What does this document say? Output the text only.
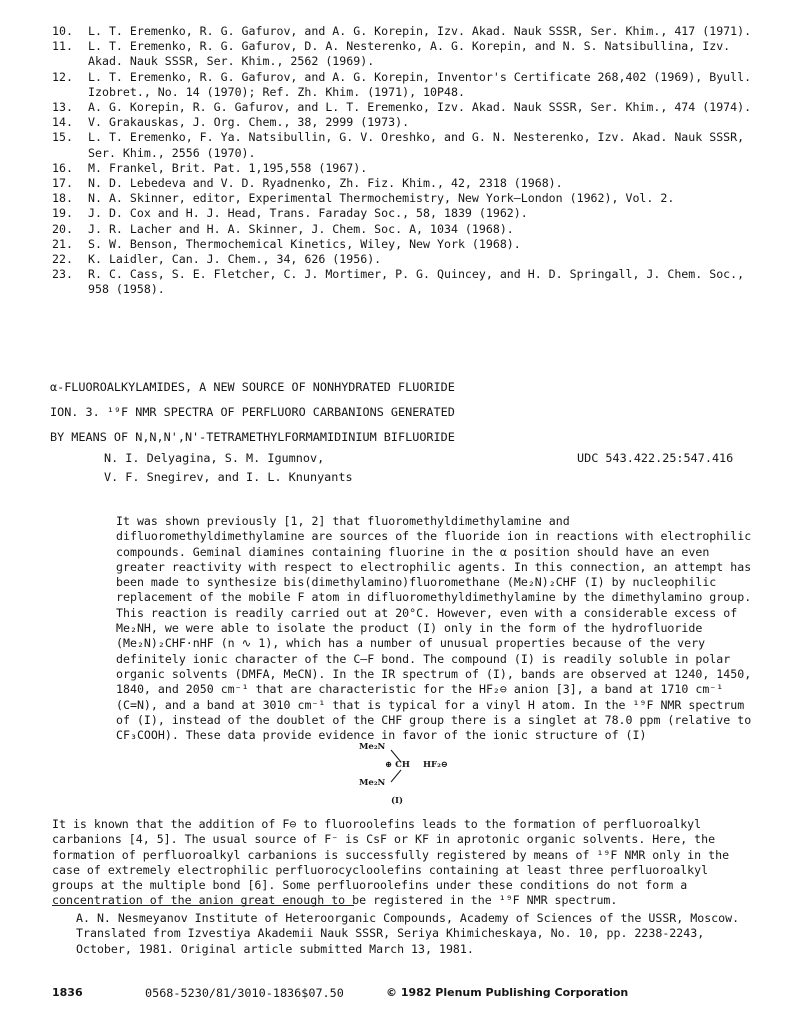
10.	L. T. Eremenko, R. G. Gafurov, and A. G. Korepin, Izv. Akad. Nauk SSSR, Ser. Khim., 417 (1971).
11.	L. T. Eremenko, R. G. Gafurov, D. A. Nesterenko, A. G. Korepin, and N. S. Natsibullina, Izv. Akad. Nauk SSSR, Ser. Khim., 2562 (1969).
12.	L. T. Eremenko, R. G. Gafurov, and A. G. Korepin, Inventor's Certificate 268,402 (1969), Byull. Izobret., No. 14 (1970); Ref. Zh. Khim. (1971), 10P48.
13.	A. G. Korepin, R. G. Gafurov, and L. T. Eremenko, Izv. Akad. Nauk SSSR, Ser. Khim., 474 (1974).
14.	V. Grakauskas, J. Org. Chem., 38, 2999 (1973).
15.	L. T. Eremenko, F. Ya. Natsibullin, G. V. Oreshko, and G. N. Nesterenko, Izv. Akad. Nauk SSSR, Ser. Khim., 2556 (1970).
16.	M. Frankel, Brit. Pat. 1,195,558 (1967).
17.	N. D. Lebedeva and V. D. Ryadnenko, Zh. Fiz. Khim., 42, 2318 (1968).
18.	N. A. Skinner, editor, Experimental Thermochemistry, New York—London (1962), Vol. 2.
19.	J. D. Cox and H. J. Head, Trans. Faraday Soc., 58, 1839 (1962).
20.	J. R. Lacher and H. A. Skinner, J. Chem. Soc. A, 1034 (1968).
21.	S. W. Benson, Thermochemical Kinetics, Wiley, New York (1968).
22.	K. Laidler, Can. J. Chem., 34, 626 (1956).
23.	R. C. Cass, S. E. Fletcher, C. J. Mortimer, P. G. Quincey, and H. D. Springall, J. Chem. Soc., 958 (1958).
α-FLUOROALKYLAMIDES, A NEW SOURCE OF NONHYDRATED FLUORIDE
ION. 3. ¹⁹F NMR SPECTRA OF PERFLUORO CARBANIONS GENERATED
BY MEANS OF N,N,N',N'-TETRAMETHYLFORMAMIDINIUM BIFLUORIDE
N. I. Delyagina, S. M. Igumnov,
V. F. Snegirev, and I. L. Knunyants
UDC 543.422.25:547.416
It was shown previously [1, 2] that fluoromethyldimethylamine and difluoromethyldimethylamine are sources of the fluoride ion in reactions with electrophilic compounds. Geminal diamines containing fluorine in the α position should have an even greater reactivity with respect to electrophilic agents. In this connection, an attempt has been made to synthesize bis(dimethylamino)fluoromethane (Me₂N)₂CHF (I) by nucleophilic replacement of the mobile F atom in difluoromethyldimethylamine by the dimethylamino group. This reaction is readily carried out at 20°C. However, even with a considerable excess of Me₂NH, we were able to isolate the product (I) only in the form of the hydrofluoride (Me₂N)₂CHF·nHF (n ∿ 1), which has a number of unusual properties because of the very definitely ionic character of the C—F bond. The compound (I) is readily soluble in polar organic solvents (DMFA, MeCN). In the IR spectrum of (I), bands are observed at 1240, 1450, 1840, and 2050 cm⁻¹ that are characteristic for the HF₂⊖ anion [3], a band at 1710 cm⁻¹ (C=N), and a band at 3010 cm⁻¹ that is typical for a vinyl H atom. In the ¹⁹F NMR spectrum of (I), instead of the doublet of the CHF group there is a singlet at 78.0 ppm (relative to CF₃COOH). These data provide evidence in favor of the ionic structure of (I)
Me₂N
⊕ CH HF₂⊖
Me₂N
(I)
It is known that the addition of F⊖ to fluoroolefins leads to the formation of perfluoroalkyl carbanions [4, 5]. The usual source of F⁻ is CsF or KF in aprotonic organic solvents. Here, the formation of perfluoroalkyl carbanions is successfully registered by means of ¹⁹F NMR only in the case of extremely electrophilic perfluorocycloolefins containing at least three perfluoroalkyl groups at the multiple bond [6]. Some perfluoroolefins under these conditions do not form a concentration of the anion great enough to be registered in the ¹⁹F NMR spectrum.
A. N. Nesmeyanov Institute of Heteroorganic Compounds, Academy of Sciences of the USSR, Moscow. Translated from Izvestiya Akademii Nauk SSSR, Seriya Khimicheskaya, No. 10, pp. 2238-2243, October, 1981. Original article submitted March 13, 1981.
1836	0568-5230/81/3010-1836$07.50	© 1982 Plenum Publishing Corporation
